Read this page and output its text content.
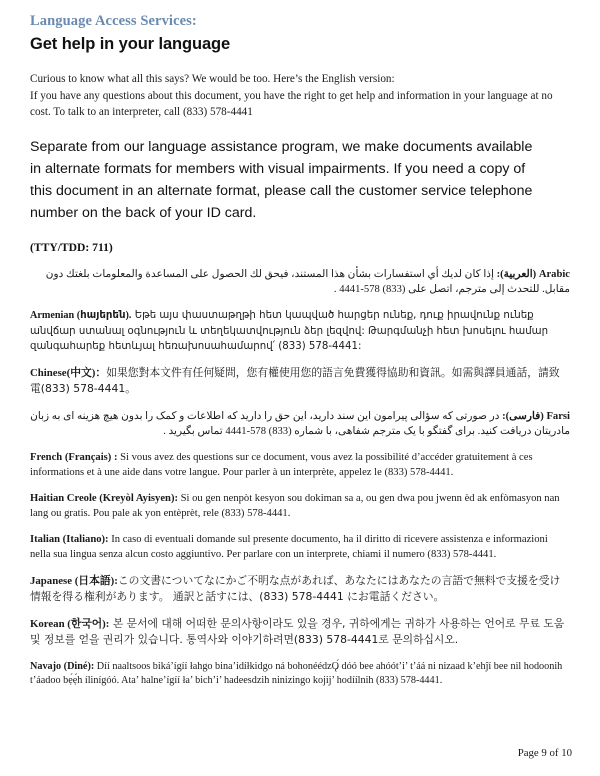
Language Access Services:
Get help in your language

Curious to know what all this says? We would be too. Here’s the English version:

If you have any questions about this document, you have the right to get help and information in your language at no cost. To talk to an interpreter, call (833) 578-4441

Separate from our language assistance program, we make documents available in alternate formats for members with visual impairments. If you need a copy of this document in an alternate format, please call the customer service telephone number on the back of your ID card.

(TTY/TDD: 711)

Arabic (العربية): إذا كان لديك أي استفسارات بشأن هذا المستند، فيحق لك الحصول على المساعدة والمعلومات بلغتك دون مقابل. للتحدث إلى مترجم، اتصل على (833) 578-4441 .

Armenian (հայերեն). Եթե այս փաստաթղթի հետ կապված հարցեր ունեք, դուք իրավունք ունեք անվճար ստանալ օգնություն և տեղեկատվություն ձեր լեզվով: Թարգմանչի հետ խոսելու համար զանգահարեք հետևյալ հեռախոսահամարով՛ (833) 578-4441:

Chinese(中文)：如果您對本文件有任何疑問，您有權使用您的語言免費獲得協助和資訊。如需與譯員通話，請致電(833) 578-4441。

Farsi (فارسی): در صورتی که سؤالی پیرامون این سند دارید، این حق را دارید که اطلاعات و کمک را بدون هیچ هزینه ای به زبان مادریتان دریافت کنید. برای گفتگو با یک مترجم شفاهی، با شماره (833) 578-4441 تماس بگیرید .

French (Français) : Si vous avez des questions sur ce document, vous avez la possibilité d’accéder gratuitement à ces informations et à une aide dans votre langue. Pour parler à un interprète, appelez le (833) 578-4441.

Haitian Creole (Kreyòl Ayisyen): Si ou gen nenpòt kesyon sou dokiman sa a, ou gen dwa pou jwenn èd ak enfòmasyon nan lang ou gratis. Pou pale ak yon entèprèt, rele (833) 578-4441.

Italian (Italiano): In caso di eventuali domande sul presente documento, ha il diritto di ricevere assistenza e informazioni nella sua lingua senza alcun costo aggiuntivo. Per parlare con un interprete, chiami il numero (833) 578-4441.

Japanese (日本語):この文書についてなにかご不明な点があれば、あなたにはあなたの言語で無料で支援を受け情報を得る権利があります。 通訳と話すには、(833) 578-4441 にお電話ください。

Korean (한국어): 본 문서에 대해 어떠한 문의사항이라도 있을 경우, 귀하에게는 귀하가 사용하는 언어로 무료 도움 및 정보를 얻을 권리가 있습니다. 통역사와 이야기하려면(833) 578-4441로 문의하십시오.

Navajo (Diné): Díí naaltsoos biká’ígíí łahgo bina’idíłkidgo ná bohonéédzǪ́ dóó bee ahóót’i’ t’áá ni nizaad k’ehĵí bee nil hodoonih t’áadoo bẹ́ẹ́h ílinígóó. Ata’ halne’ígíí ła’ bich’i’ hadeesdzih ninizingo kojĳ’ hodíílnih (833) 578-4441.

Page 9 of 10
